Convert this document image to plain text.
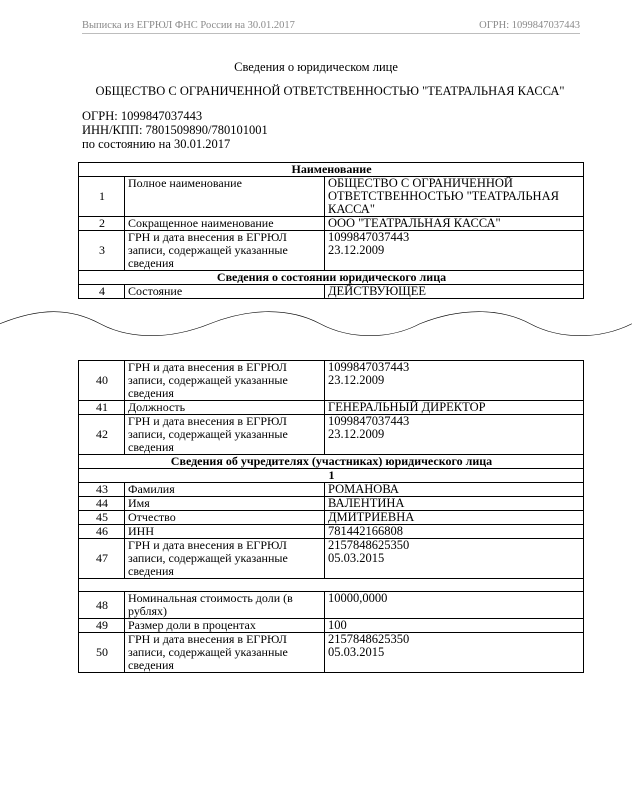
Выписка из ЕГРЮЛ ФНС России на 30.01.2017	ОГРН: 1099847037443
Сведения о юридическом лице
ОБЩЕСТВО С ОГРАНИЧЕННОЙ ОТВЕТСТВЕННОСТЬЮ "ТЕАТРАЛЬНАЯ КАССА"
ОГРН: 1099847037443
ИНН/КПП: 7801509890/780101001
по состоянию на 30.01.2017
Наименование		
1	Полное наименование	ОБЩЕСТВО С ОГРАНИЧЕННОЙ ОТВЕТСТВЕННОСТЬЮ "ТЕАТРАЛЬНАЯ КАССА"
2	Сокращенное наименование	ООО "ТЕАТРАЛЬНАЯ КАССА"
3	ГРН и дата внесения в ЕГРЮЛ записи, содержащей указанные сведения	1099847037443
23.12.2009
Сведения о состоянии юридического лица		
4	Состояние	ДЕЙСТВУЮЩЕЕ
40	ГРН и дата внесения в ЕГРЮЛ записи, содержащей указанные сведения	1099847037443
23.12.2009
41	Должность	ГЕНЕРАЛЬНЫЙ ДИРЕКТОР
42	ГРН и дата внесения в ЕГРЮЛ записи, содержащей указанные сведения	1099847037443
23.12.2009
Сведения об учредителях (участниках) юридического лица		
1		
43	Фамилия	РОМАНОВА
44	Имя	ВАЛЕНТИНА
45	Отчество	ДМИТРИЕВНА
46	ИНН	781442166808
47	ГРН и дата внесения в ЕГРЮЛ записи, содержащей указанные сведения	2157848625350
05.03.2015

48	Номинальная стоимость доли (в рублях)	10000,0000
49	Размер доли в процентах	100
50	ГРН и дата внесения в ЕГРЮЛ записи, содержащей указанные сведения	2157848625350
05.03.2015
